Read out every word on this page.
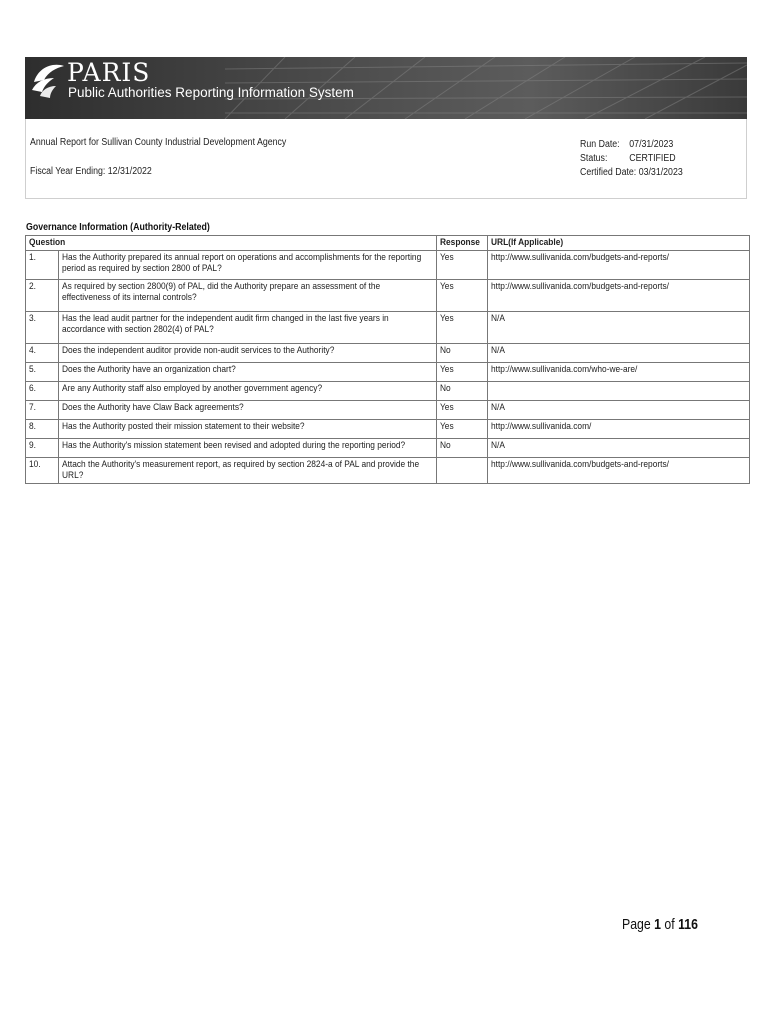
PARIS
Public Authorities Reporting Information System
Annual Report for Sullivan County Industrial Development Agency
Fiscal Year Ending: 12/31/2022
Run Date: 07/31/2023
Status: CERTIFIED
Certified Date: 03/31/2023
Governance Information (Authority-Related)
Question		Response	URL(If Applicable)
1.	Has the Authority prepared its annual report on operations and accomplishments for the reporting period as required by section 2800 of PAL?	Yes	http://www.sullivanida.com/budgets-and-reports/
2.	As required by section 2800(9) of PAL, did the Authority prepare an assessment of the effectiveness of its internal controls?	Yes	http://www.sullivanida.com/budgets-and-reports/
3.	Has the lead audit partner for the independent audit firm changed in the last five years in accordance with section 2802(4) of PAL?	Yes	N/A
4.	Does the independent auditor provide non-audit services to the Authority?	No	N/A
5.	Does the Authority have an organization chart?	Yes	http://www.sullivanida.com/who-we-are/
6.	Are any Authority staff also employed by another government agency?	No	
7.	Does the Authority have Claw Back agreements?	Yes	N/A
8.	Has the Authority posted their mission statement to their website?	Yes	http://www.sullivanida.com/
9.	Has the Authority's mission statement been revised and adopted during the reporting period?	No	N/A
10.	Attach the Authority's measurement report, as required by section 2824-a of PAL and provide the URL?		http://www.sullivanida.com/budgets-and-reports/
Page 1 of 116
